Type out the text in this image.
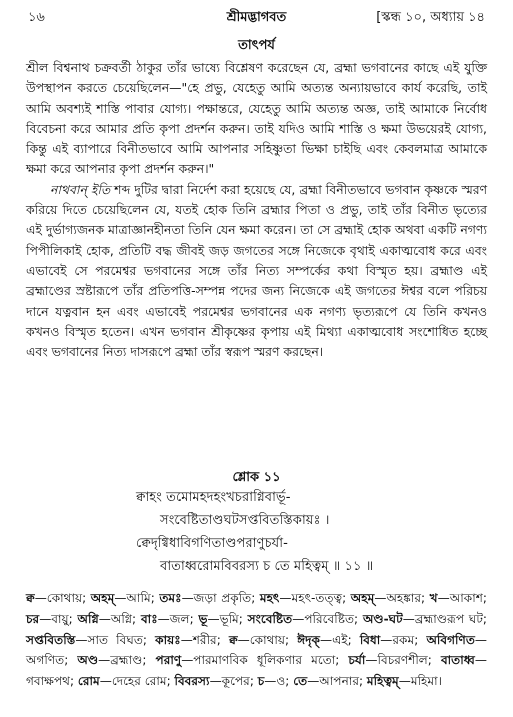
১৬	শ্রীমদ্ভাগবত	[স্কন্ধ ১০, অধ্যায় ১৪
তাৎপর্য

শ্রীল বিশ্বনাথ চক্রবর্তী ঠাকুর তাঁর ভাষ্যে বিশ্লেষণ করেছেন যে, ব্রহ্মা ভগবানের কাছে এই যুক্তি উপস্থাপন করতে চেয়েছিলেন—"হে প্রভু, যেহেতু আমি অত্যন্ত অন্যায়ভাবে কার্য করেছি, তাই আমি অবশ্যই শাস্তি পাবার যোগ্য। পক্ষান্তরে, যেহেতু আমি অত্যন্ত অজ্ঞ, তাই আমাকে নির্বোধ বিবেচনা করে আমার প্রতি কৃপা প্রদর্শন করুন। তাই যদিও আমি শাস্তি ও ক্ষমা উভয়েরই যোগ্য, কিন্তু এই ব্যাপারে বিনীতভাবে আমি আপনার সহিষ্ণুতা ভিক্ষা চাইছি এবং কেবলমাত্র আমাকে ক্ষমা করে আপনার কৃপা প্রদর্শন করুন।"

নাথবান্ ইতি শব্দ দুটির দ্বারা নির্দেশ করা হয়েছে যে, ব্রহ্মা বিনীতভাবে ভগবান কৃষ্ণকে স্মরণ করিয়ে দিতে চেয়েছিলেন যে, যতই হোক তিনি ব্রহ্মার পিতা ও প্রভু, তাই তাঁর বিনীত ভৃত্যের এই দুর্ভাগ্যজনক মাত্রাজ্ঞানহীনতা তিনি যেন ক্ষমা করেন। তা সে ব্রহ্মাই হোক অথবা একটি নগণ্য পিপীলিকাই হোক, প্রতিটি বদ্ধ জীবই জড় জগতের সঙ্গে নিজেকে বৃথাই একাত্মবোধ করে এবং এভাবেই সে পরমেশ্বর ভগবানের সঙ্গে তাঁর নিত্য সম্পর্কের কথা বিস্মৃত হয়। ব্রহ্মাণ্ড এই ব্রহ্মাণ্ডের স্রষ্টারূপে তাঁর প্রতিপত্তি-সম্পন্ন পদের জন্য নিজেকে এই জগতের ঈশ্বর বলে পরিচয় দানে যত্নবান হন এবং এভাবেই পরমেশ্বর ভগবানের এক নগণ্য ভৃত্যরূপে যে তিনি কখনও কখনও বিস্মৃত হতেন। এখন ভগবান শ্রীকৃষ্ণের কৃপায় এই মিথ্যা একাত্মবোধ সংশোধিত হচ্ছে এবং ভগবানের নিত্য দাসরূপে ব্রহ্মা তাঁর স্বরূপ স্মরণ করছেন।

শ্লোক ১১
ক্বাহং তমোমহদহংখচরাগ্নিবার্ভূ-
সংবেষ্টিতাণ্ডঘটসপ্তবিতস্তিকায়ঃ ।
ক্বেদৃগ্বিধাবিগণিতাণ্ডপরাণুচর্যা-
বাতাধ্বরোমবিবরস্য চ তে মহিত্বম্ ॥ ১১ ॥
ক্ব—কোথায়; অহম্—আমি; তমঃ—জড়া প্রকৃতি; মহৎ—মহৎ-তত্ত্ব; অহম্—অহঙ্কার; খ—আকাশ; চর—বায়ু; অগ্নি—অগ্নি; বাঃ—জল; ভূ—ভূমি; সংবেষ্টিত—পরিবেষ্টিত; অণ্ড-ঘট—ব্রহ্মাণ্ডরূপ ঘট; সপ্তবিতস্তি—সাত বিঘত; কায়ঃ—শরীর; ক্ব—কোথায়; ঈদৃক্—এই; বিধা—রকম; অবিগণিত—অগণিত; অণ্ড—ব্রহ্মাণ্ড; পরাণু—পারমাণবিক ধূলিকণার মতো; চর্যা—বিচরণশীল; বাতাধ্ব—গবাক্ষপথ; রোম—দেহের রোম; বিবরস্য—কূপের; চ—ও; তে—আপনার; মহিত্বম্—মহিমা।
